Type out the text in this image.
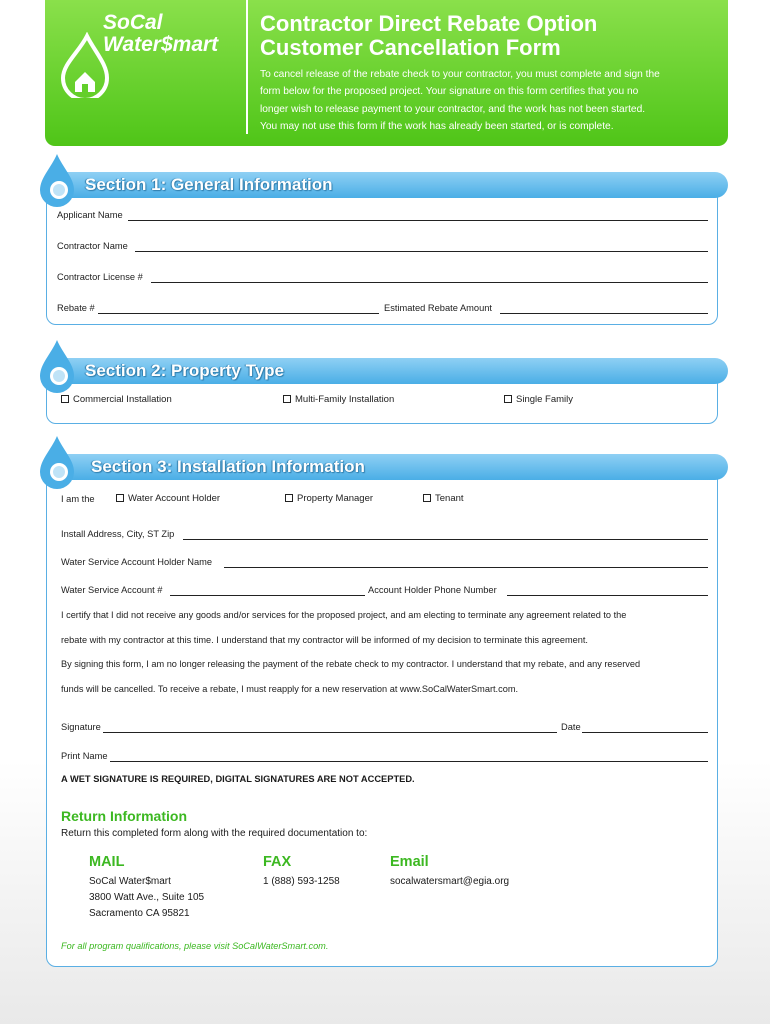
SoCal
Water$mart
Contractor Direct Rebate Option
Customer Cancellation Form
To cancel release of the rebate check to your contractor, you must complete and sign the
form below for the proposed project. Your signature on this form certifies that you no
longer wish to release payment to your contractor, and the work has not been started.
You may not use this form if the work has already been started, or is complete.
Section 1: General Information
Applicant Name
Contractor Name
Contractor License #
Rebate #	Estimated Rebate Amount
Section 2: Property Type
Commercial Installation	Multi-Family Installation	Single Family
Section 3: Installation Information
I am the	Water Account Holder	Property Manager	Tenant
Install Address, City, ST Zip
Water Service Account Holder Name
Water Service Account #	Account Holder Phone Number
I certify that I did not receive any goods and/or services for the proposed project, and am electing to terminate any agreement related to the
rebate with my contractor at this time. I understand that my contractor will be informed of my decision to terminate this agreement.
By signing this form, I am no longer releasing the payment of the rebate check to my contractor. I understand that my rebate, and any reserved
funds will be cancelled. To receive a rebate, I must reapply for a new reservation at www.SoCalWaterSmart.com.
Signature	Date
Print Name
A WET SIGNATURE IS REQUIRED, DIGITAL SIGNATURES ARE NOT ACCEPTED.
Return Information
Return this completed form along with the required documentation to:
MAIL
SoCal Water$mart
3800 Watt Ave., Suite 105
Sacramento CA 95821
FAX
1 (888) 593-1258
Email
socalwatersmart@egia.org
For all program qualifications, please visit SoCalWaterSmart.com.
